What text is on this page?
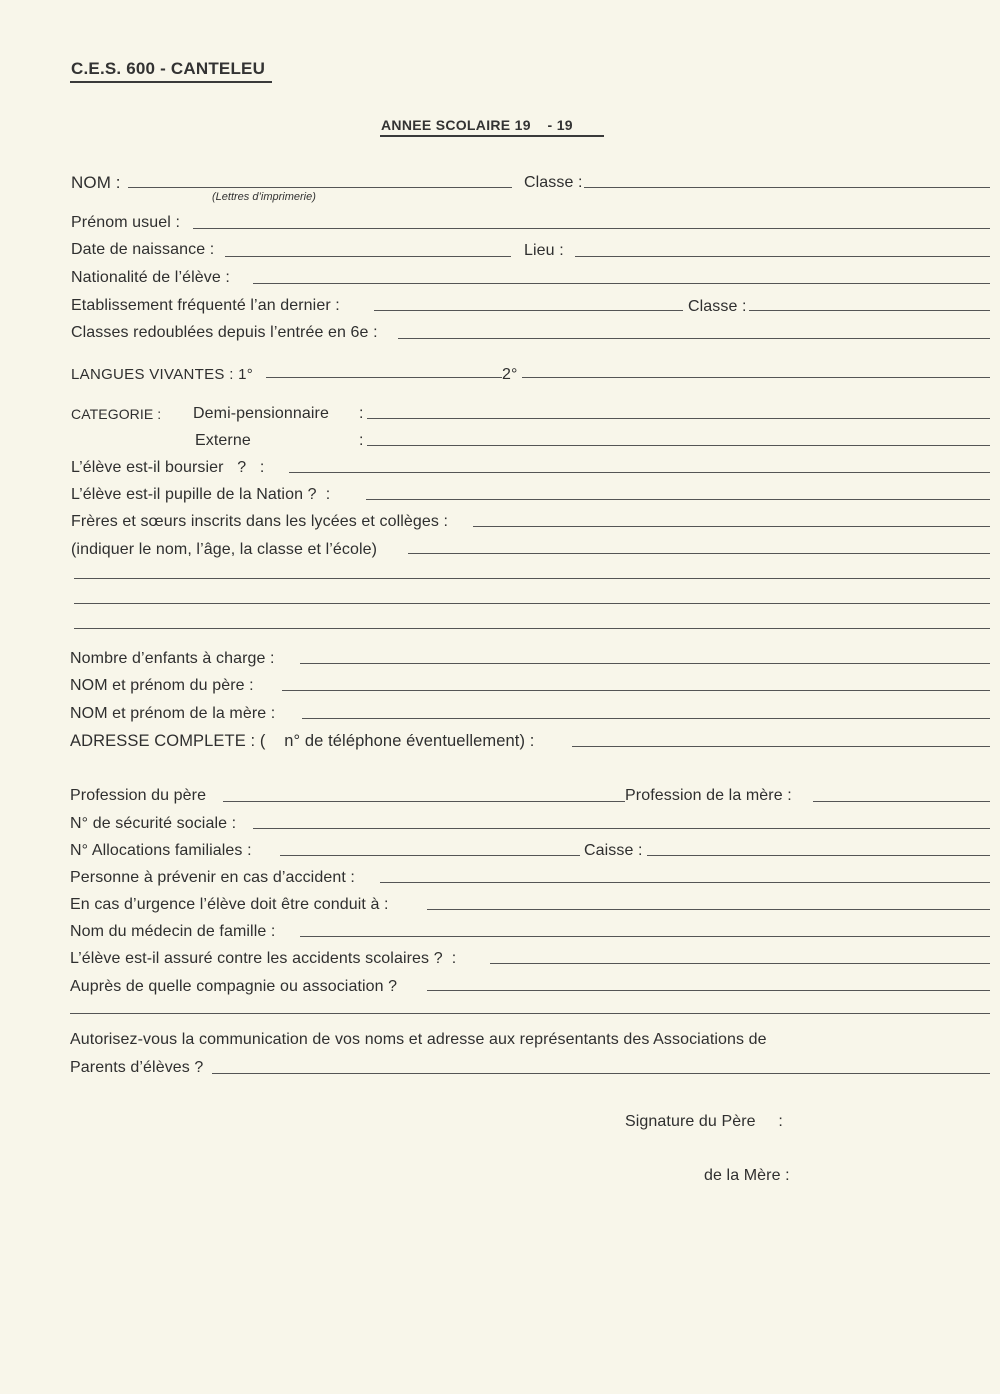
C.E.S. 600 - CANTELEU
ANNEE SCOLAIRE 19    - 19
NOM :
(Lettres d’imprimerie)
Classe :
Prénom usuel :
Date de naissance :	Lieu :
Nationalité de l’élève :
Etablissement fréquenté l’an dernier :	Classe :
Classes redoublées depuis l’entrée en 6e :
LANGUES VIVANTES : 1°	2°
CATEGORIE : Demi-pensionnaire :
Externe	:
L’élève est-il boursier   ?   :
L’élève est-il pupille de la Nation ?  :
Frères et sœurs inscrits dans les lycées et collèges :
(indiquer le nom, l’âge, la classe et l’école)
Nombre d’enfants à charge :
NOM et prénom du père :
NOM et prénom de la mère :
ADRESSE COMPLETE : (    n° de téléphone éventuellement) :
Profession du père	Profession de la mère :
N° de sécurité sociale :
N° Allocations familiales :	Caisse :
Personne à prévenir en cas d’accident :
En cas d’urgence l’élève doit être conduit à :
Nom du médecin de famille :
L’élève est-il assuré contre les accidents scolaires ?  :
Auprès de quelle compagnie ou association ?
Autorisez-vous la communication de vos noms et adresse aux représentants des Associations de
Parents d’élèves ?
Signature du Père     :
de la Mère :
